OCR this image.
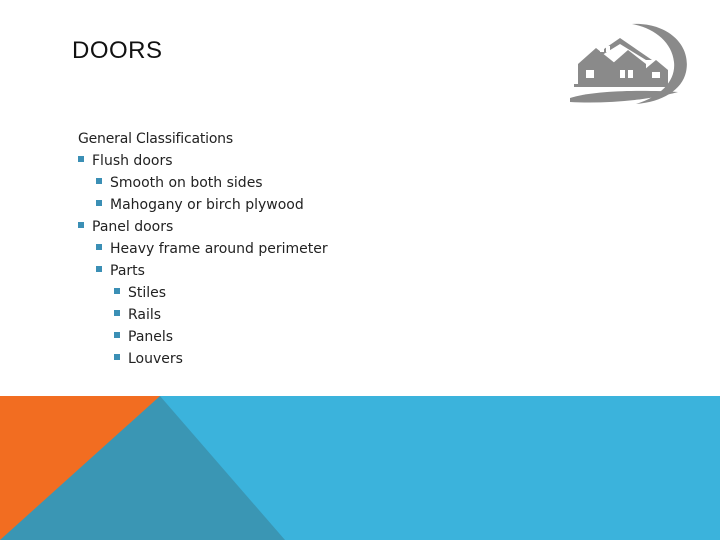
DOORS

General Classifications

Flush doors
Smooth on both sides
Mahogany or birch plywood
Panel doors
Heavy frame around perimeter
Parts
Stiles
Rails
Panels
Louvers
